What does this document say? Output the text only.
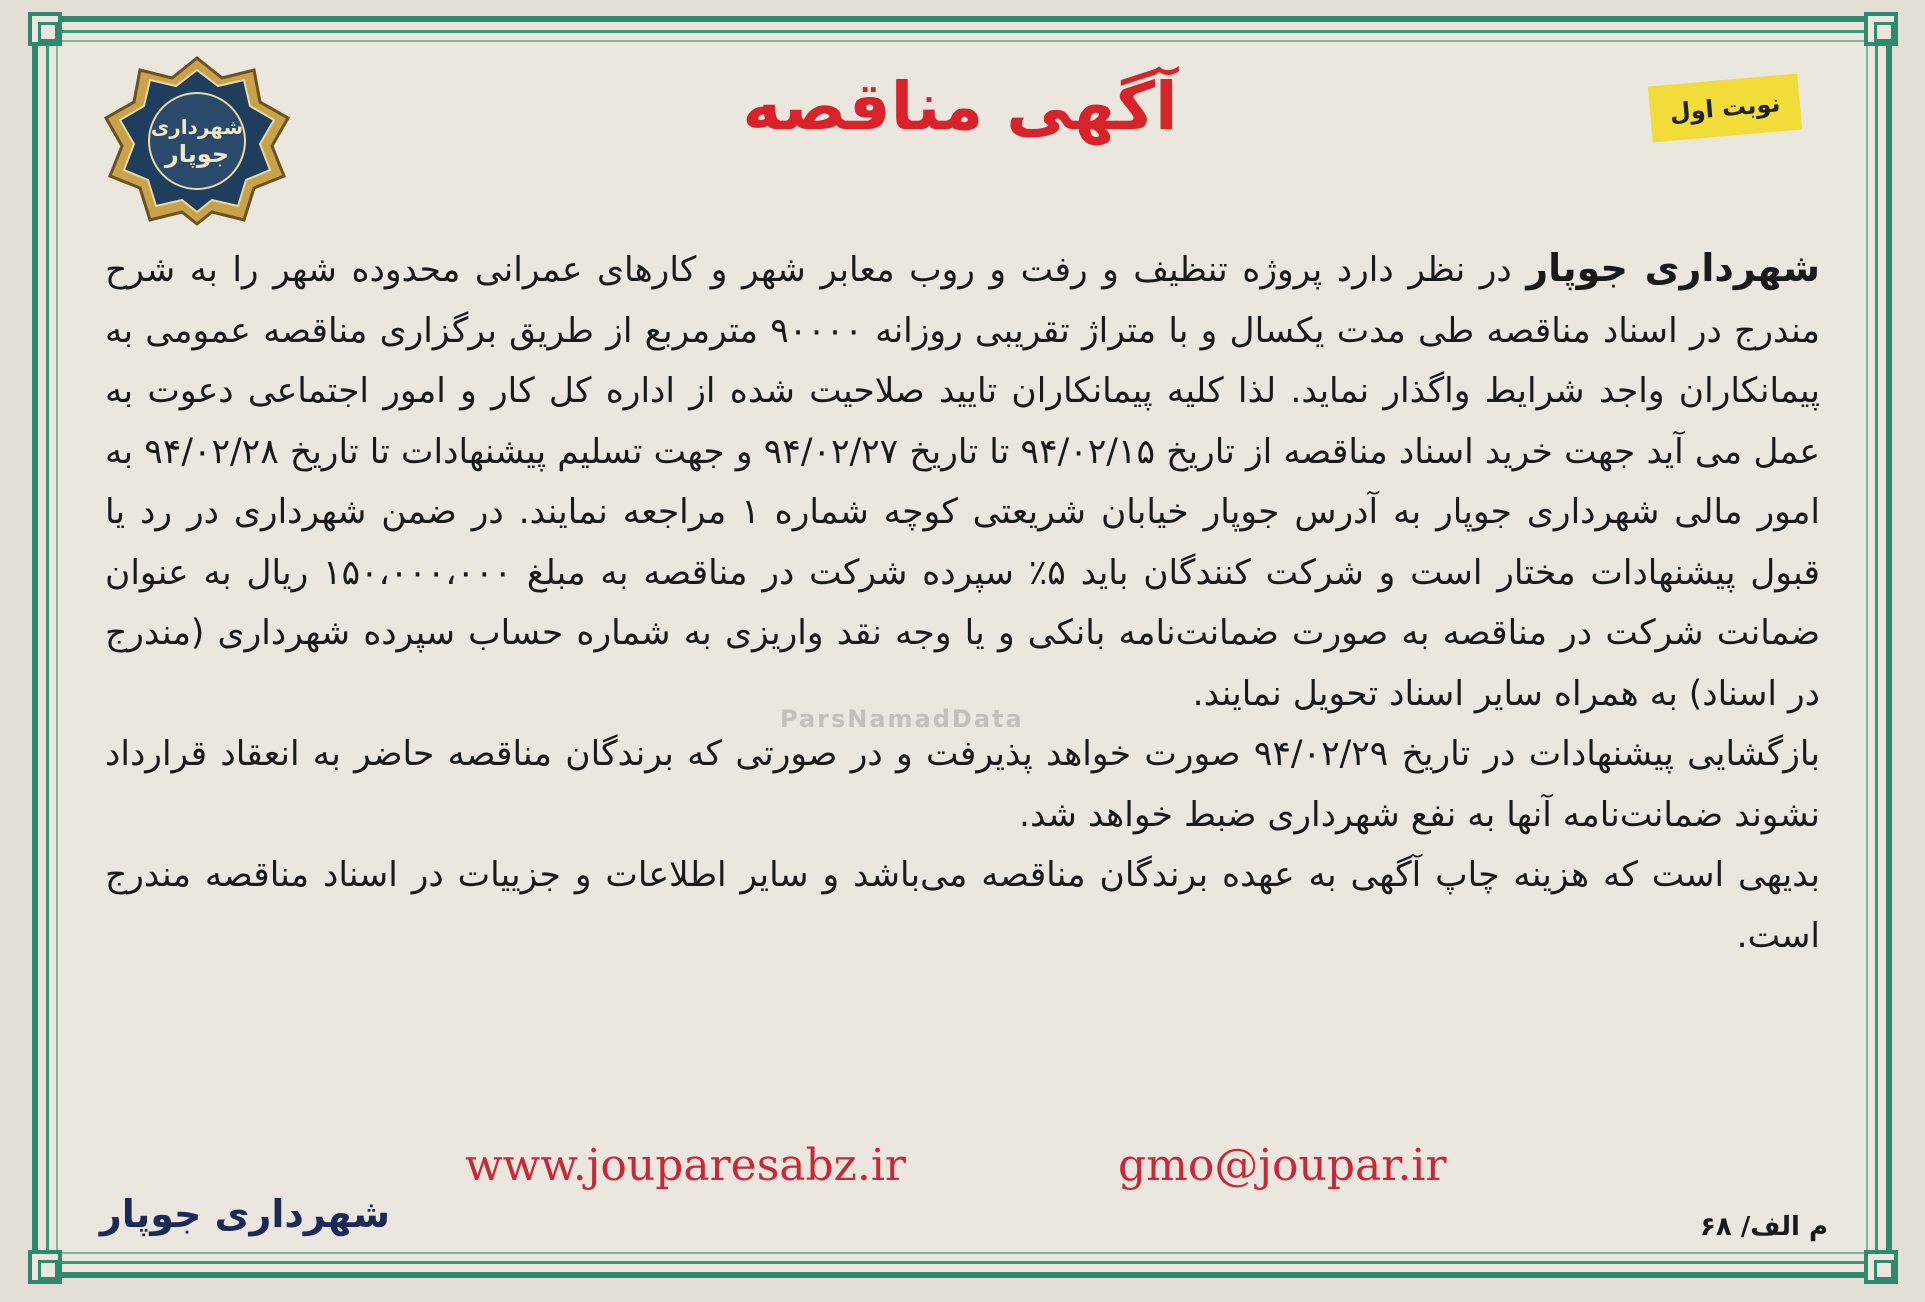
شهرداری
جوپار
آگهی مناقصه	نوبت اول

شهرداری جوپار در نظر دارد پروژه تنظیف و رفت و روب معابر شهر و کارهای عمرانی محدوده شهر را به شرح مندرج در اسناد مناقصه طی مدت یکسال و با متراژ تقریبی روزانه ۹۰۰۰۰ مترمربع از طریق برگزاری مناقصه عمومی به پیمانکاران واجد شرایط واگذار نماید. لذا کلیه پیمانکاران تایید صلاحیت شده از اداره کل کار و امور اجتماعی دعوت به عمل می آید جهت خرید اسناد مناقصه از تاریخ ۹۴/۰۲/۱۵ تا تاریخ ۹۴/۰۲/۲۷ و جهت تسلیم پیشنهادات تا تاریخ ۹۴/۰۲/۲۸ به امور مالی شهرداری جوپار به آدرس جوپار خیابان شریعتی کوچه شماره ۱ مراجعه نمایند. در ضمن شهرداری در رد یا قبول پیشنهادات مختار است و شرکت کنندگان باید ۵٪ سپرده شرکت در مناقصه به مبلغ ۱۵۰،۰۰۰،۰۰۰ ریال به عنوان ضمانت شرکت در مناقصه به صورت ضمانت‌نامه بانکی و یا وجه نقد واریزی به شماره حساب سپرده شهرداری (مندرج در اسناد) به همراه سایر اسناد تحویل نمایند.

بازگشایی پیشنهادات در تاریخ ۹۴/۰۲/۲۹ صورت خواهد پذیرفت و در صورتی که برندگان مناقصه حاضر به انعقاد قرارداد نشوند ضمانت‌نامه آنها به نفع شهرداری ضبط خواهد شد.

بدیهی است که هزینه چاپ آگهی به عهده برندگان مناقصه می‌باشد و سایر اطلاعات و جزییات در اسناد مناقصه مندرج است.

ParsNamadData
www.jouparesabz.ir	gmo@joupar.ir
شهرداری جوپار	م الف/ ۶۸
